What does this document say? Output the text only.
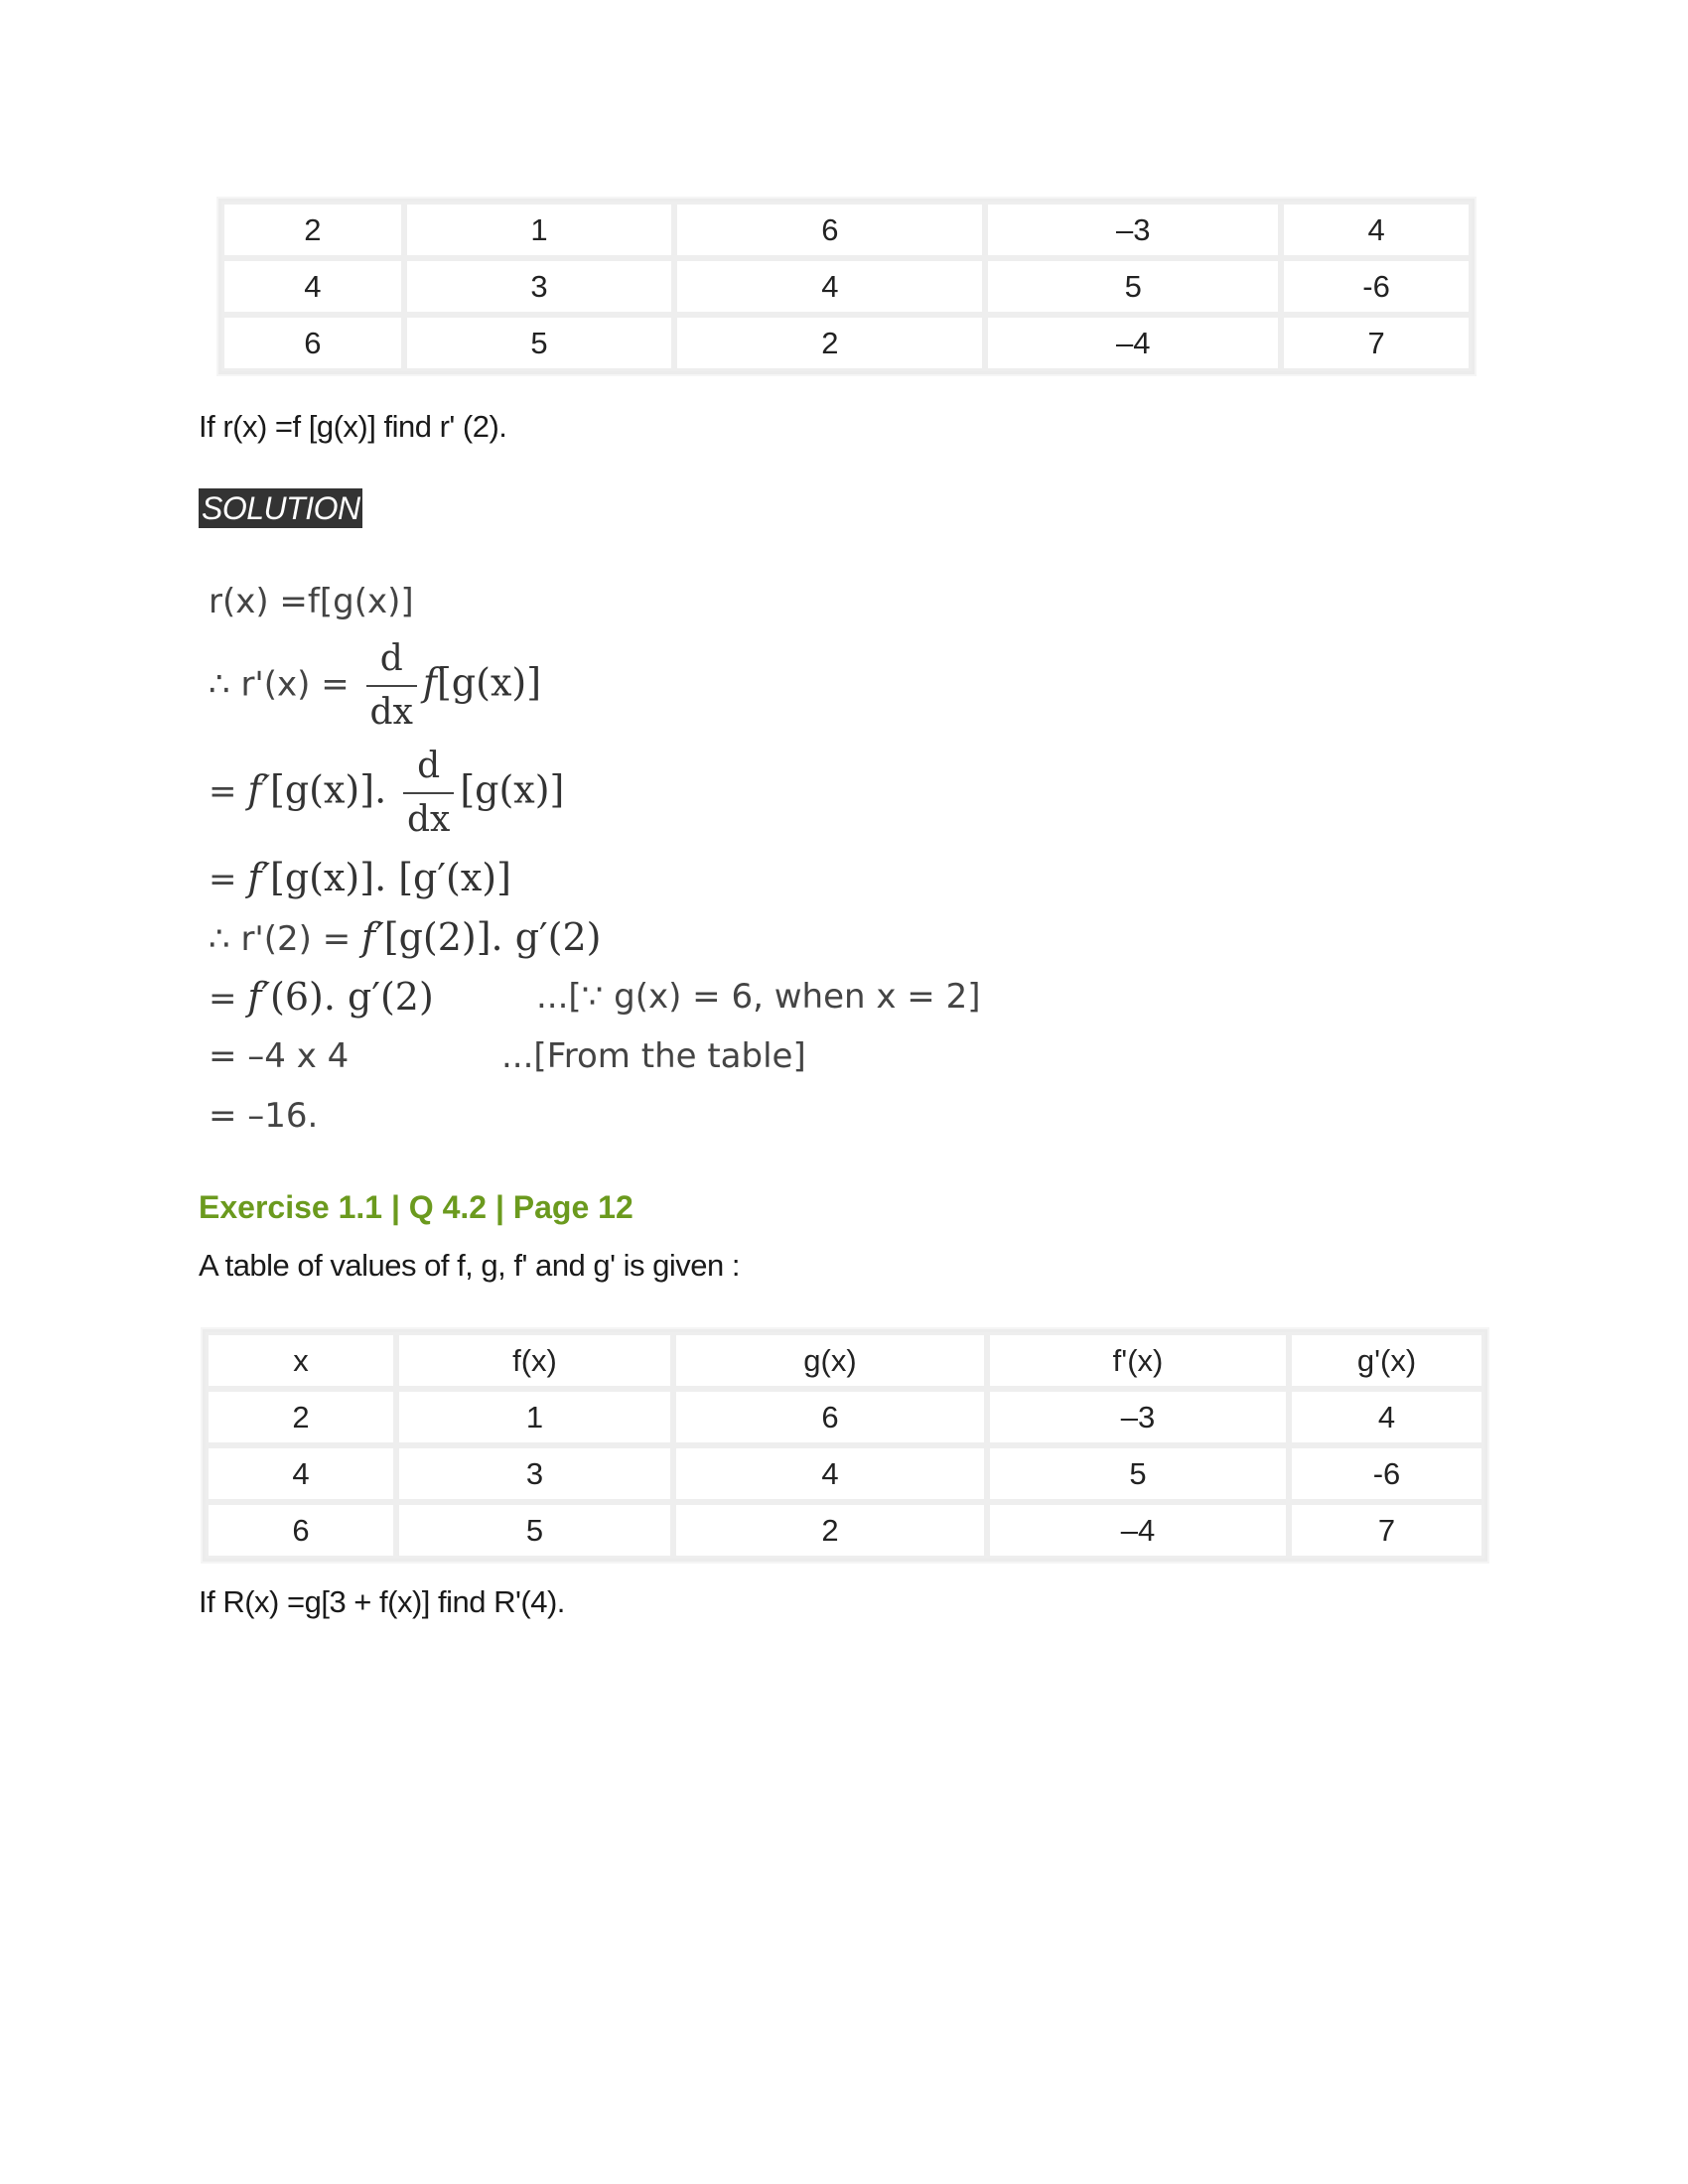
2	1	6	–3	4
4	3	4	5	-6
6	5	2	–4	7
If r(x) =f [g(x)] find r' (2).
SOLUTION
r(x) =f[g(x)]
∴ $r'(x) = \frac{d}{dx} f[g(x)]$
= f′[g(x)]. $\frac{d}{dx} [g(x)]$
= f′[g(x)]. [g′(x)]
∴ r'(2) = f′[g(2)]. g′(2)
= f′(6). g′(2)	...[∵ g(x) = 6, when x = 2]
= –4 x 4	...[From the table]
= –16.
Exercise 1.1 | Q 4.2 | Page 12
A table of values of f, g, f' and g' is given :
x	f(x)	g(x)	f'(x)	g'(x)
2	1	6	–3	4
4	3	4	5	-6
6	5	2	–4	7
If R(x) =g[3 + f(x)] find R'(4).
